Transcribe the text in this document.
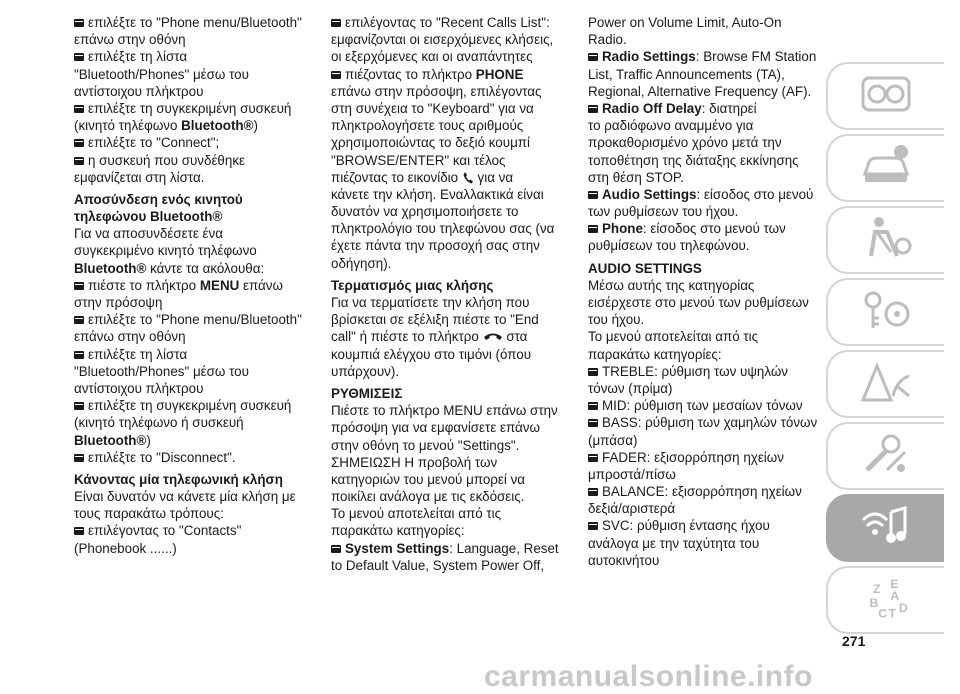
επιλέξτε το "Phone menu/Bluetooth"
επάνω στην οθόνη
επιλέξτε τη λίστα
"Bluetooth/Phones" μέσω του
αντίστοιχου πλήκτρου
επιλέξτε τη συγκεκριμένη συσκευή
(κινητό τηλέφωνο Bluetooth®)
επιλέξτε το "Connect";
η συσκευή που συνδέθηκε
εμφανίζεται στη λίστα.
Αποσύνδεση ενός κινητού
τηλεφώνου Bluetooth®
Για να αποσυνδέσετε ένα
συγκεκριμένο κινητό τηλέφωνο
Bluetooth® κάντε τα ακόλουθα:
πιέστε το πλήκτρο MENU επάνω
στην πρόσοψη
επιλέξτε το "Phone menu/Bluetooth"
επάνω στην οθόνη
επιλέξτε τη λίστα
"Bluetooth/Phones" μέσω του
αντίστοιχου πλήκτρου
επιλέξτε τη συγκεκριμένη συσκευή
(κινητό τηλέφωνο ή συσκευή
Bluetooth®)
επιλέξτε το "Disconnect".
Κάνοντας μία τηλεφωνική κλήση
Είναι δυνατόν να κάνετε μία κλήση με
τους παρακάτω τρόπους:
επιλέγοντας το "Contacts"
(Phonebook ......)
επιλέγοντας το "Recent Calls List":
εμφανίζονται οι εισερχόμενες κλήσεις,
οι εξερχόμενες και οι αναπάντητες
πιέζοντας το πλήκτρο PHONE
επάνω στην πρόσοψη, επιλέγοντας
στη συνέχεια το "Keyboard" για να
πληκτρολογήσετε τους αριθμούς
χρησιμοποιώντας το δεξιό κουμπί
"BROWSE/ENTER" και τέλος
πιέζοντας το εικονίδιο  για να
κάνετε την κλήση. Εναλλακτικά είναι
δυνατόν να χρησιμοποιήσετε το
πληκτρολόγιο του τηλεφώνου σας (να
έχετε πάντα την προσοχή σας στην
οδήγηση).
Τερματισμός μιας κλήσης
Για να τερματίσετε την κλήση που
βρίσκεται σε εξέλιξη πιέστε το "End
call" ή πιέστε το πλήκτρο  στα
κουμπιά ελέγχου στο τιμόνι (όπου
υπάρχουν).
ΡΥΘΜΙΣΕΙΣ
Πιέστε το πλήκτρο MENU επάνω στην
πρόσοψη για να εμφανίσετε επάνω
στην οθόνη το μενού "Settings".
ΣΗΜΕΙΩΣΗ Η προβολή των
κατηγοριών του μενού μπορεί να
ποικίλει ανάλογα με τις εκδόσεις.
Το μενού αποτελείται από τις
παρακάτω κατηγορίες:
System Settings: Language, Reset
to Default Value, System Power Off,
Power on Volume Limit, Auto-On
Radio.
Radio Settings: Browse FM Station
List, Traffic Announcements (TA),
Regional, Alternative Frequency (AF).
Radio Off Delay: διατηρεί
το ραδιόφωνο αναμμένο για
προκαθορισμένο χρόνο μετά την
τοποθέτηση της διάταξης εκκίνησης
στη θέση STOP.
Audio Settings: είσοδος στο μενού
των ρυθμίσεων του ήχου.
Phone: είσοδος στο μενού των
ρυθμίσεων του τηλεφώνου.
AUDIO SETTINGS
Μέσω αυτής της κατηγορίας
εισέρχεστε στο μενού των ρυθμίσεων
του ήχου.
Το μενού αποτελείται από τις
παρακάτω κατηγορίες:
TREBLE: ρύθμιση των υψηλών
τόνων (πρίμα)
MID: ρύθμιση των μεσαίων τόνων
BASS: ρύθμιση των χαμηλών τόνων
(μπάσα)
FADER: εξισορρόπηση ηχείων
μπροστά/πίσω
BALANCE: εξισορρόπηση ηχείων
δεξιά/αριστερά
SVC: ρύθμιση έντασης ήχου
ανάλογα με την ταχύτητα του
αυτοκινήτου
Z E
B A
C T D
271
carmanualsonline.info
